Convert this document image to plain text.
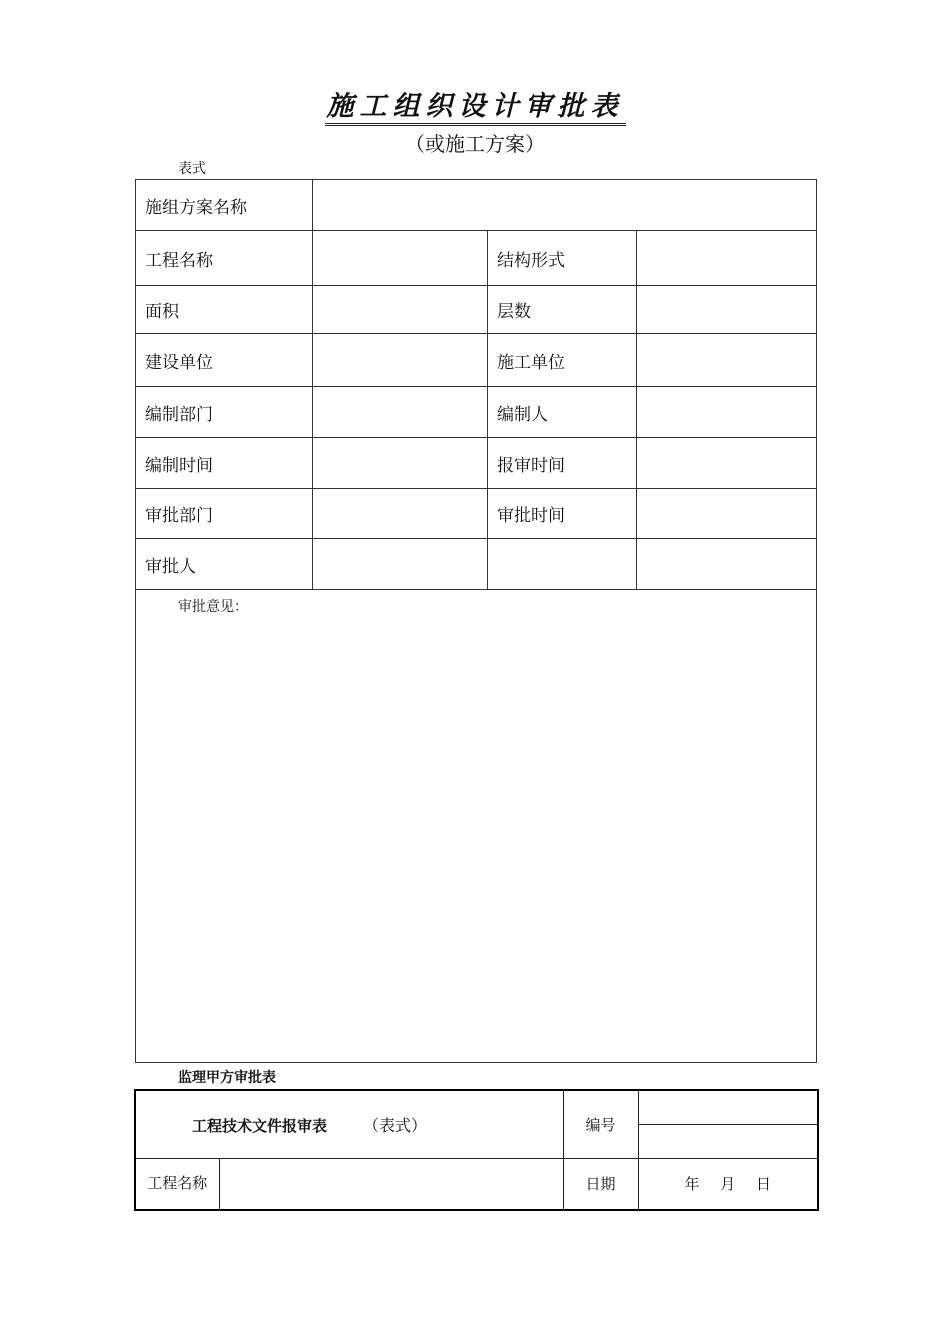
施工组织设计审批表
（或施工方案）
表式
施组方案名称			
工程名称		结构形式	
面积		层数	
建设单位		施工单位	
编制部门		编制人	
编制时间		报审时间	
审批部门		审批时间	
审批人			
审批意见：			
监理甲方审批表
工程技术文件报审表 （表式）		编号	

工程名称		日期	年 月 日
